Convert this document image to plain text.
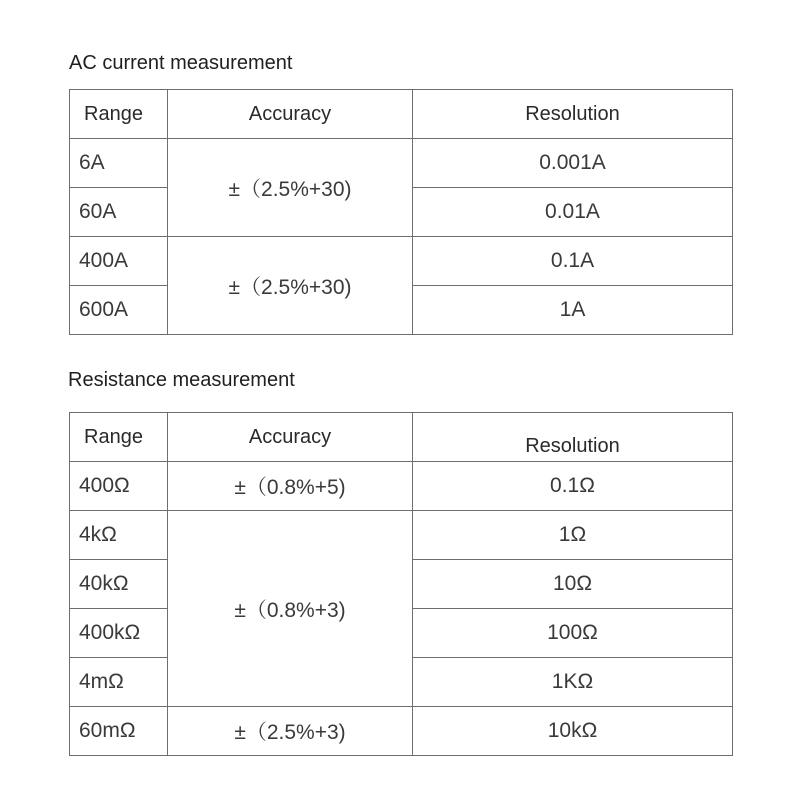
AC current measurement
Range	Accuracy	Resolution
6A	±（2.5%+30)	0.001A
60A		0.01A
400A	±（2.5%+30)	0.1A
600A		1A
Resistance measurement
Range	Accuracy	Resolution
400Ω	±（0.8%+5)	0.1Ω
4kΩ	±（0.8%+3)	1Ω
40kΩ		10Ω
400kΩ		100Ω
4mΩ		1KΩ
60mΩ	±（2.5%+3)	10kΩ
